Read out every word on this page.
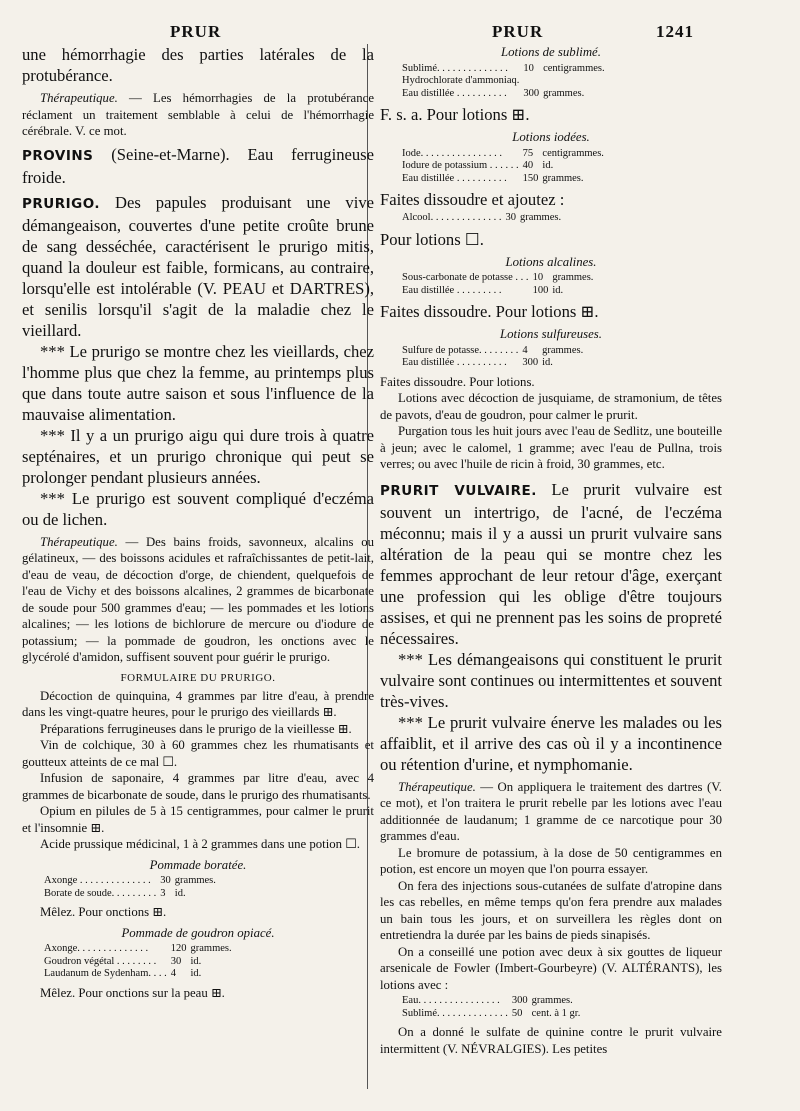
PRUR	PRUR	1241

une hémorrhagie des parties latérales de la protubérance.

Thérapeutique. — Les hémorrhagies de la protubérance réclament un traitement semblable à celui de l'hémorrhagie cérébrale. V. ce mot.

PROVINS (Seine-et-Marne). Eau ferrugineuse froide.

PRURIGO. Des papules produisant une vive démangeaison, couvertes d'une petite croûte brune de sang desséchée, caractérisent le prurigo mitis, quand la douleur est faible, formicans, au contraire, lorsqu'elle est intolérable (V. PEAU et DARTRES), et senilis lorsqu'il s'agit de la maladie chez le vieillard.

*** Le prurigo se montre chez les vieillards, chez l'homme plus que chez la femme, au printemps plus que dans toute autre saison et sous l'influence de la mauvaise alimentation.

*** Il y a un prurigo aigu qui dure trois à quatre septénaires, et un prurigo chronique qui peut se prolonger pendant plusieurs années.

*** Le prurigo est souvent compliqué d'eczéma ou de lichen.

Thérapeutique. — Des bains froids, savonneux, alcalins ou gélatineux, — des boissons acidules et rafraîchissantes de petit-lait, d'eau de veau, de décoction d'orge, de chiendent, quelquefois de l'eau de Vichy et des boissons alcalines, 2 grammes de bicarbonate de soude pour 500 grammes d'eau; — les pommades et les lotions alcalines; — les lotions de bichlorure de mercure ou d'iodure de potassium; — la pommade de goudron, les onctions avec le glycérolé d'amidon, suffisent souvent pour guérir le prurigo.

FORMULAIRE DU PRURIGO.

Décoction de quinquina, 4 grammes par litre d'eau, à prendre dans les vingt-quatre heures, pour le prurigo des vieillards ⊞.

Préparations ferrugineuses dans le prurigo de la vieillesse ⊞.

Vin de colchique, 30 à 60 grammes chez les rhumatisants et goutteux atteints de ce mal ☐.

Infusion de saponaire, 4 grammes par litre d'eau, avec 4 grammes de bicarbonate de soude, dans le prurigo des rhumatisants.

Opium en pilules de 5 à 15 centigrammes, pour calmer le prurit et l'insomnie ⊞.

Acide prussique médicinal, 1 à 2 grammes dans une potion ☐.

Pommade boratée.

Axonge . . . . . . . . . . . . . .	30	grammes.
Borate de soude. . . . . . . . .	3	id.

Mêlez. Pour onctions ⊞.

Pommade de goudron opiacé.

Axonge. . . . . . . . . . . . . .	120	grammes.
Goudron végétal . . . . . . . .	30	id.
Laudanum de Sydenham. . . .	4	id.

Mêlez. Pour onctions sur la peau ⊞.

Lotions de sublimé.

Sublimé. . . . . . . . . . . . . .	10	centigrammes.
Hydrochlorate d'ammoniaq.		
Eau distillée . . . . . . . . . .	300	grammes.

F. s. a. Pour lotions ⊞.

Lotions iodées.

Iode. . . . . . . . . . . . . . . .	75	centigrammes.
Iodure de potassium . . . . . .	40	id.
Eau distillée . . . . . . . . . .	150	grammes.

Faites dissoudre et ajoutez :

Alcool. . . . . . . . . . . . . .	30	grammes.

Pour lotions ☐.

Lotions alcalines.

Sous-carbonate de potasse . . .	10	grammes.
Eau distillée . . . . . . . . .	100	id.

Faites dissoudre. Pour lotions ⊞.

Lotions sulfureuses.

Sulfure de potasse. . . . . . . .	4	grammes.
Eau distillée . . . . . . . . . .	300	id.

Faites dissoudre. Pour lotions.

Lotions avec décoction de jusquiame, de stramonium, de têtes de pavots, d'eau de goudron, pour calmer le prurit.

Purgation tous les huit jours avec l'eau de Sedlitz, une bouteille à jeun; avec le calomel, 1 gramme; avec l'eau de Pullna, trois verres; ou avec l'huile de ricin à froid, 30 grammes, etc.

PRURIT VULVAIRE. Le prurit vulvaire est souvent un intertrigo, de l'acné, de l'eczéma méconnu; mais il y a aussi un prurit vulvaire sans altération de la peau qui se montre chez les femmes approchant de leur retour d'âge, exerçant une profession qui les oblige d'être toujours assises, et qui ne prennent pas les soins de propreté nécessaires.

*** Les démangeaisons qui constituent le prurit vulvaire sont continues ou intermittentes et souvent très-vives.

*** Le prurit vulvaire énerve les malades ou les affaiblit, et il arrive des cas où il y a incontinence ou rétention d'urine, et nymphomanie.

Thérapeutique. — On appliquera le traitement des dartres (V. ce mot), et l'on traitera le prurit rebelle par les lotions avec l'eau additionnée de laudanum; 1 gramme de ce narcotique pour 30 grammes d'eau.

Le bromure de potassium, à la dose de 50 centigrammes en potion, est encore un moyen que l'on pourra essayer.

On fera des injections sous-cutanées de sulfate d'atropine dans les cas rebelles, en même temps qu'on fera prendre aux malades un bain tous les jours, et on surveillera les règles dont on entretiendra la durée par les bains de pieds sinapisés.

On a conseillé une potion avec deux à six gouttes de liqueur arsenicale de Fowler (Imbert-Gourbeyre) (V. ALTÉRANTS), les lotions avec :

Eau. . . . . . . . . . . . . . . .	300	grammes.
Sublimé. . . . . . . . . . . . . .	50	cent. à 1 gr.

On a donné le sulfate de quinine contre le prurit vulvaire intermittent (V. NÉVRALGIES). Les petites
